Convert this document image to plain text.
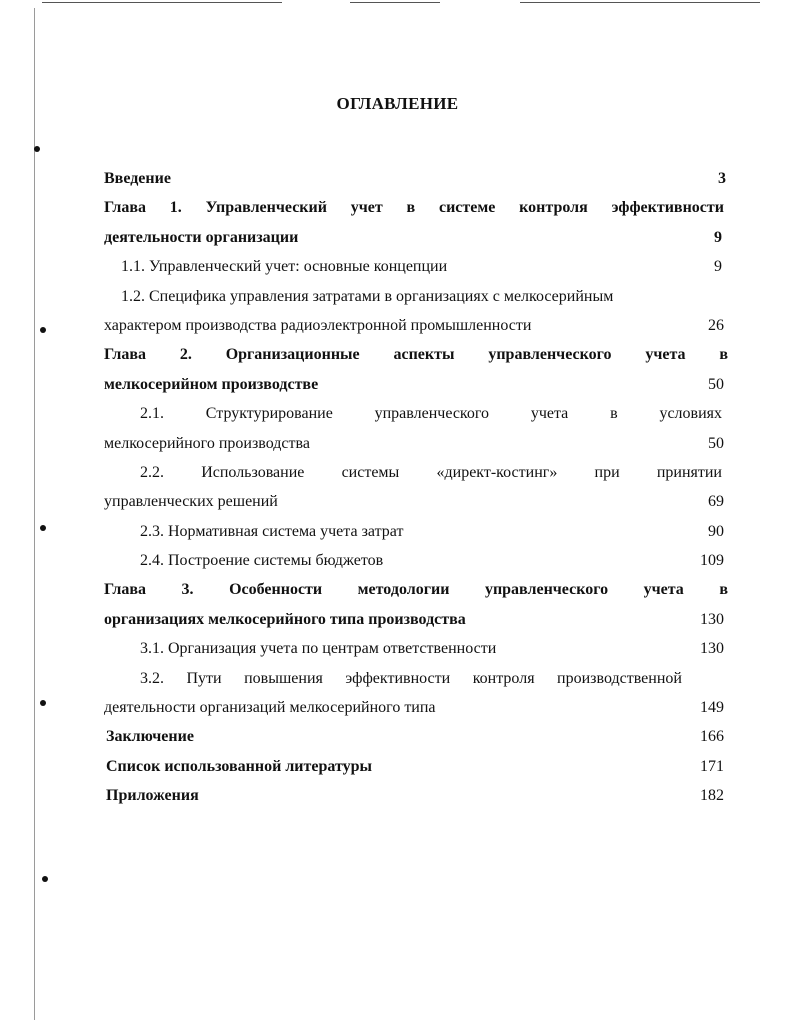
ОГЛАВЛЕНИЕ
Введение	3
Глава 1. Управленческий учет в системе контроля эффективности
деятельности организации	9
1.1. Управленческий учет: основные концепции	9
1.2. Специфика управления затратами в организациях с мелкосерийным
характером производства радиоэлектронной промышленности	26
Глава 2. Организационные аспекты управленческого учета в
мелкосерийном производстве	50
2.1.	Структурирование	управленческого	учета	в	условиях
мелкосерийного производства	50
2.2. Использование системы «директ-костинг» при принятии
управленческих решений	69
2.3. Нормативная система учета затрат	90
2.4. Построение системы бюджетов	109
Глава 3. Особенности методологии управленческого учета в
организациях мелкосерийного типа производства	130
3.1. Организация учета по центрам ответственности	130
3.2. Пути повышения эффективности контроля производственной
деятельности организаций мелкосерийного типа	149
Заключение	166
Список использованной литературы	171
Приложения	182
